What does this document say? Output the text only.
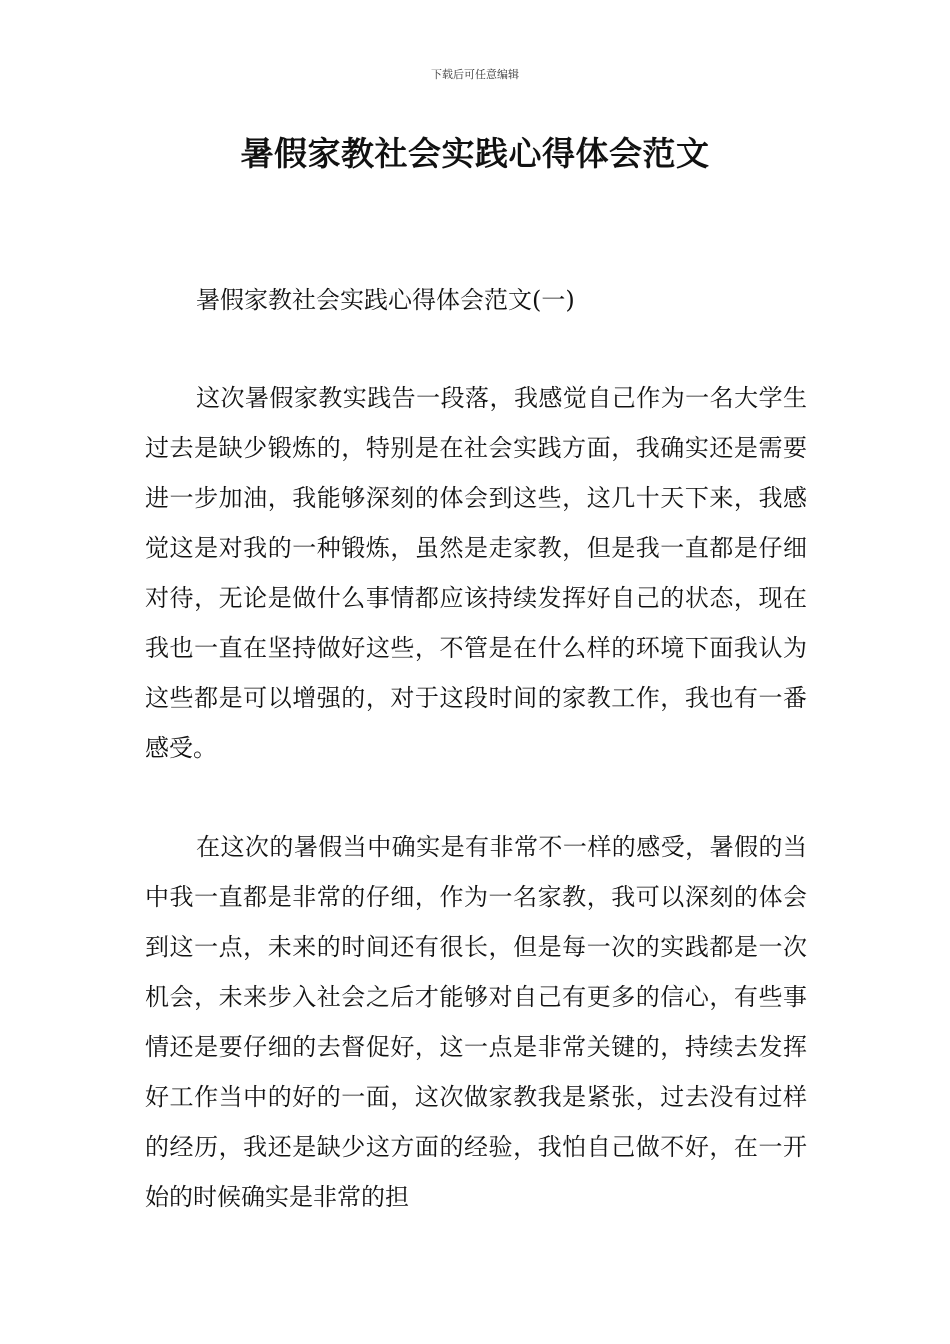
下载后可任意编辑
暑假家教社会实践心得体会范文
暑假家教社会实践心得体会范文(一)

这次暑假家教实践告一段落，我感觉自己作为一名大学生过去是缺少锻炼的，特别是在社会实践方面，我确实还是需要进一步加油，我能够深刻的体会到这些，这几十天下来，我感觉这是对我的一种锻炼，虽然是走家教，但是我一直都是仔细对待，无论是做什么事情都应该持续发挥好自己的状态，现在我也一直在坚持做好这些，不管是在什么样的环境下面我认为这些都是可以增强的，对于这段时间的家教工作，我也有一番感受。

在这次的暑假当中确实是有非常不一样的感受，暑假的当中我一直都是非常的仔细，作为一名家教，我可以深刻的体会到这一点，未来的时间还有很长，但是每一次的实践都是一次机会，未来步入社会之后才能够对自己有更多的信心，有些事情还是要仔细的去督促好，这一点是非常关键的，持续去发挥好工作当中的好的一面，这次做家教我是紧张，过去没有过样的经历，我还是缺少这方面的经验，我怕自己做不好，在一开始的时候确实是非常的担
